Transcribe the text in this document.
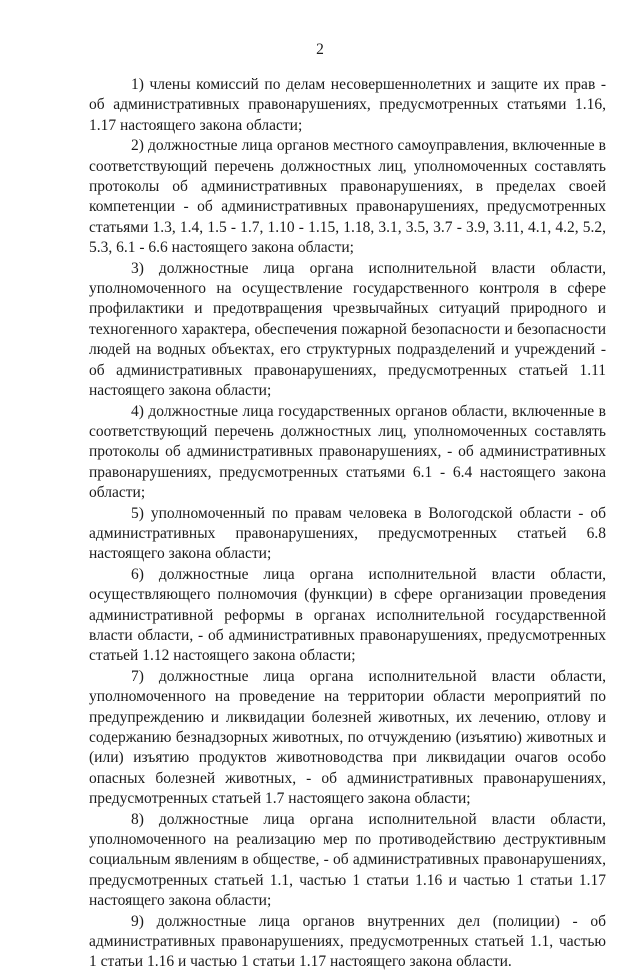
2

1) члены комиссий по делам несовершеннолетних и защите их прав - об административных правонарушениях, предусмотренных статьями 1.16, 1.17 настоящего закона области;

2) должностные лица органов местного самоуправления, включенные в соответствующий перечень должностных лиц, уполномоченных составлять протоколы об административных правонарушениях, в пределах своей компетенции - об административных правонарушениях, предусмотренных статьями 1.3, 1.4, 1.5 - 1.7, 1.10 - 1.15, 1.18, 3.1, 3.5, 3.7 - 3.9, 3.11, 4.1, 4.2, 5.2, 5.3, 6.1 - 6.6 настоящего закона области;

3) должностные лица органа исполнительной власти области, уполномоченного на осуществление государственного контроля в сфере профилактики и предотвращения чрезвычайных ситуаций природного и техногенного характера, обеспечения пожарной безопасности и безопасности людей на водных объектах, его структурных подразделений и учреждений - об административных правонарушениях, предусмотренных статьей 1.11 настоящего закона области;

4) должностные лица государственных органов области, включенные в соответствующий перечень должностных лиц, уполномоченных составлять протоколы об административных правонарушениях, - об административных правонарушениях, предусмотренных статьями 6.1 - 6.4 настоящего закона области;

5) уполномоченный по правам человека в Вологодской области - об административных правонарушениях, предусмотренных статьей 6.8 настоящего закона области;

6) должностные лица органа исполнительной власти области, осуществляющего полномочия (функции) в сфере организации проведения административной реформы в органах исполнительной государственной власти области, - об административных правонарушениях, предусмотренных статьей 1.12 настоящего закона области;

7) должностные лица органа исполнительной власти области, уполномоченного на проведение на территории области мероприятий по предупреждению и ликвидации болезней животных, их лечению, отлову и содержанию безнадзорных животных, по отчуждению (изъятию) животных и (или) изъятию продуктов животноводства при ликвидации очагов особо опасных болезней животных, - об административных правонарушениях, предусмотренных статьей 1.7 настоящего закона области;

8) должностные лица органа исполнительной власти области, уполномоченного на реализацию мер по противодействию деструктивным социальным явлениям в обществе, - об административных правонарушениях, предусмотренных статьей 1.1, частью 1 статьи 1.16 и частью 1 статьи 1.17 настоящего закона области;

9) должностные лица органов внутренних дел (полиции) - об административных правонарушениях, предусмотренных статьей 1.1, частью 1 статьи 1.16 и частью 1 статьи 1.17 настоящего закона области.
